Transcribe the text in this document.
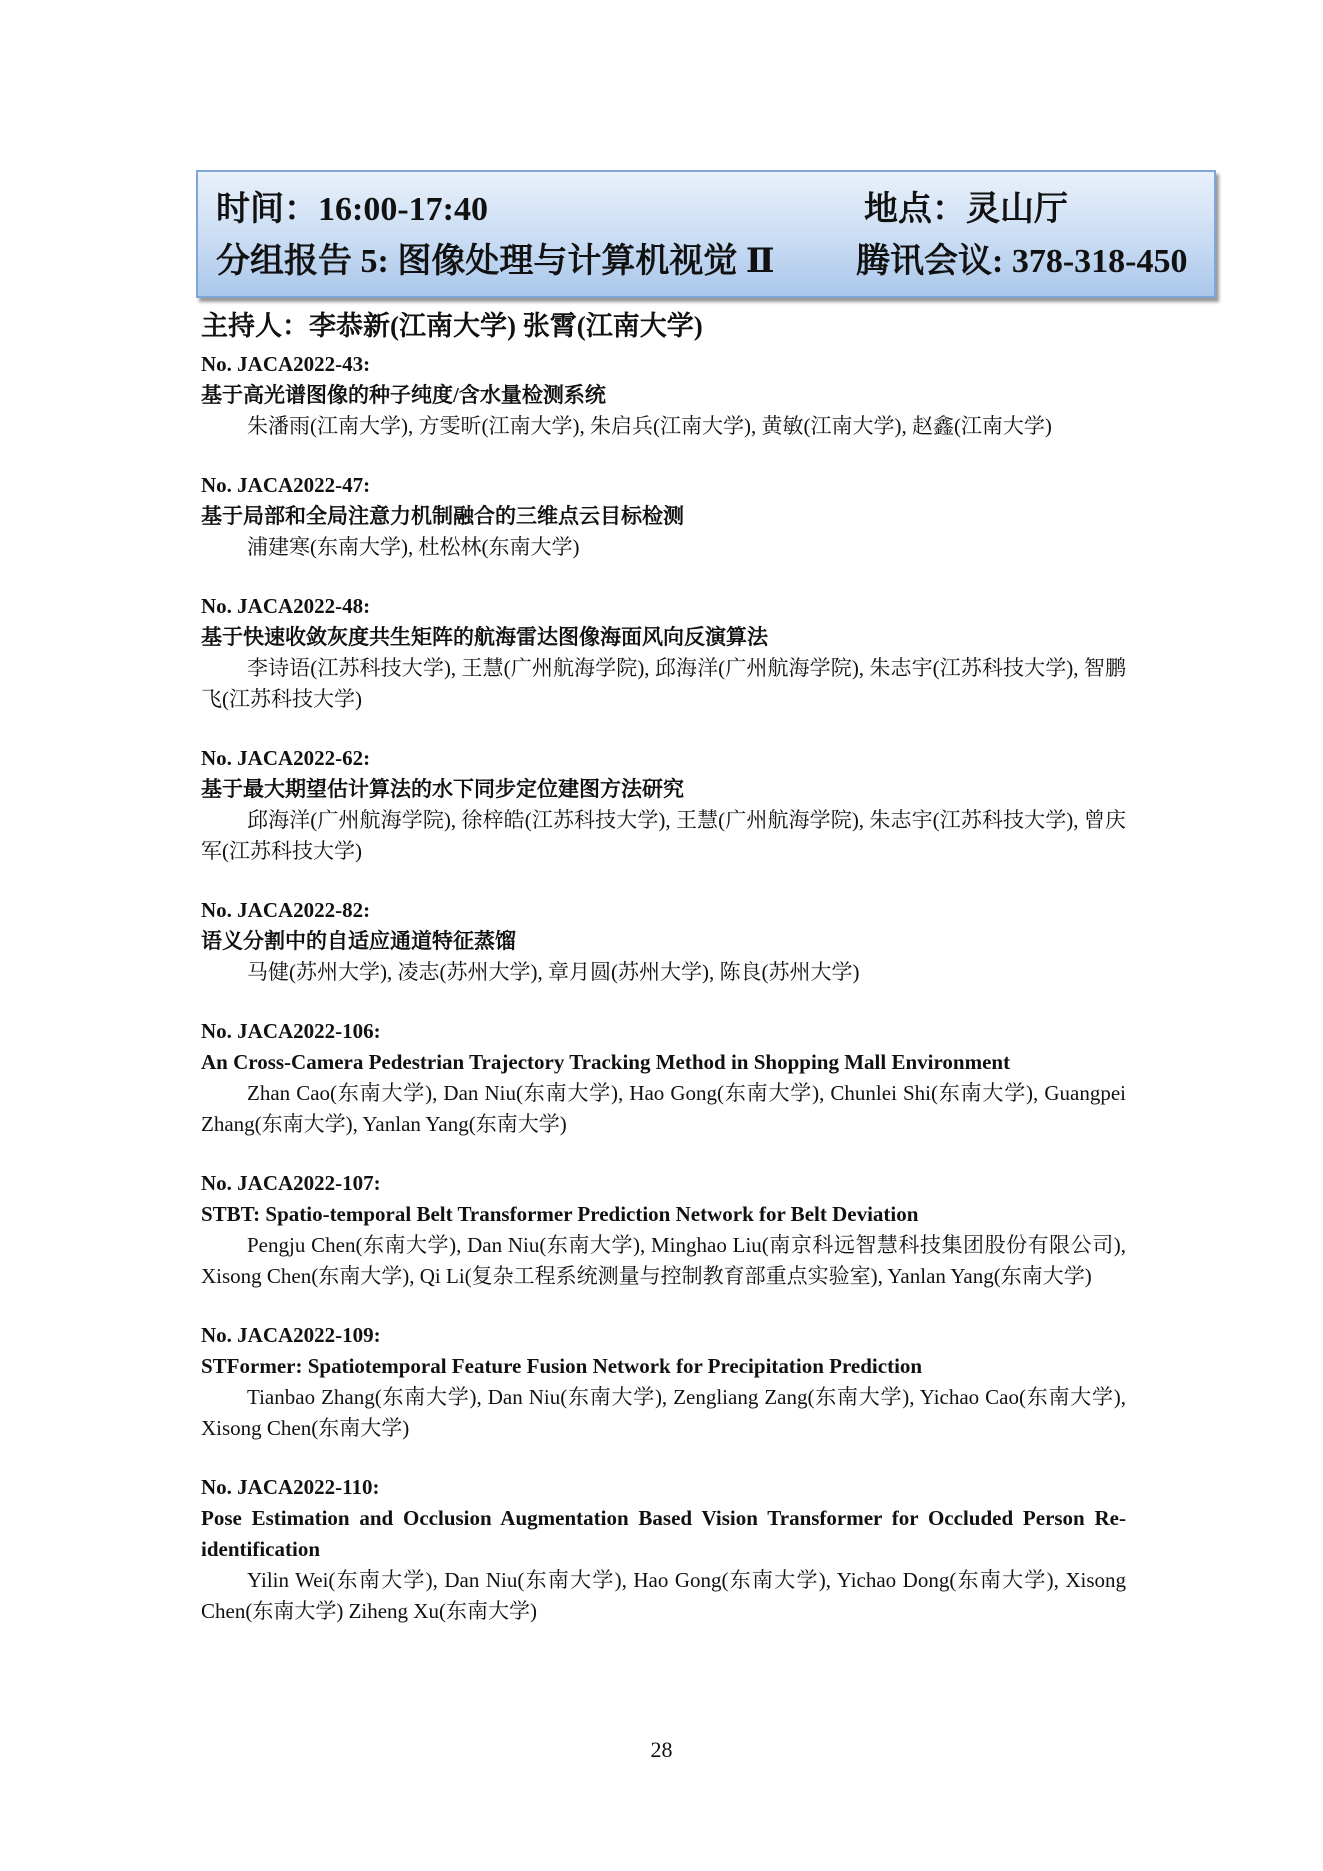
时间：16:00-17:40	地点：灵山厅
分组报告 5: 图像处理与计算机视觉 Ⅱ 腾讯会议: 378-318-450
主持人：李恭新(江南大学) 张霄(江南大学)
No. JACA2022-43:
基于高光谱图像的种子纯度/含水量检测系统
朱潘雨(江南大学), 方雯昕(江南大学), 朱启兵(江南大学), 黄敏(江南大学), 赵鑫(江南大学)
No. JACA2022-47:
基于局部和全局注意力机制融合的三维点云目标检测
浦建寒(东南大学), 杜松林(东南大学)
No. JACA2022-48:
基于快速收敛灰度共生矩阵的航海雷达图像海面风向反演算法
李诗语(江苏科技大学), 王慧(广州航海学院), 邱海洋(广州航海学院), 朱志宇(江苏科技大学), 智鹏飞(江苏科技大学)
No. JACA2022-62:
基于最大期望估计算法的水下同步定位建图方法研究
邱海洋(广州航海学院), 徐梓皓(江苏科技大学), 王慧(广州航海学院), 朱志宇(江苏科技大学), 曾庆军(江苏科技大学)
No. JACA2022-82:
语义分割中的自适应通道特征蒸馏
马健(苏州大学), 凌志(苏州大学), 章月圆(苏州大学), 陈良(苏州大学)
No. JACA2022-106:
An Cross-Camera Pedestrian Trajectory Tracking Method in Shopping Mall Environment
Zhan Cao(东南大学), Dan Niu(东南大学), Hao Gong(东南大学), Chunlei Shi(东南大学), Guangpei Zhang(东南大学), Yanlan Yang(东南大学)
No. JACA2022-107:
STBT: Spatio-temporal Belt Transformer Prediction Network for Belt Deviation
Pengju Chen(东南大学), Dan Niu(东南大学), Minghao Liu(南京科远智慧科技集团股份有限公司), Xisong Chen(东南大学), Qi Li(复杂工程系统测量与控制教育部重点实验室), Yanlan Yang(东南大学)
No. JACA2022-109:
STFormer: Spatiotemporal Feature Fusion Network for Precipitation Prediction
Tianbao Zhang(东南大学), Dan Niu(东南大学), Zengliang Zang(东南大学), Yichao Cao(东南大学), Xisong Chen(东南大学)
No. JACA2022-110:
Pose Estimation and Occlusion Augmentation Based Vision Transformer for Occluded Person Re-identification
Yilin Wei(东南大学), Dan Niu(东南大学), Hao Gong(东南大学), Yichao Dong(东南大学), Xisong Chen(东南大学) Ziheng Xu(东南大学)
28
